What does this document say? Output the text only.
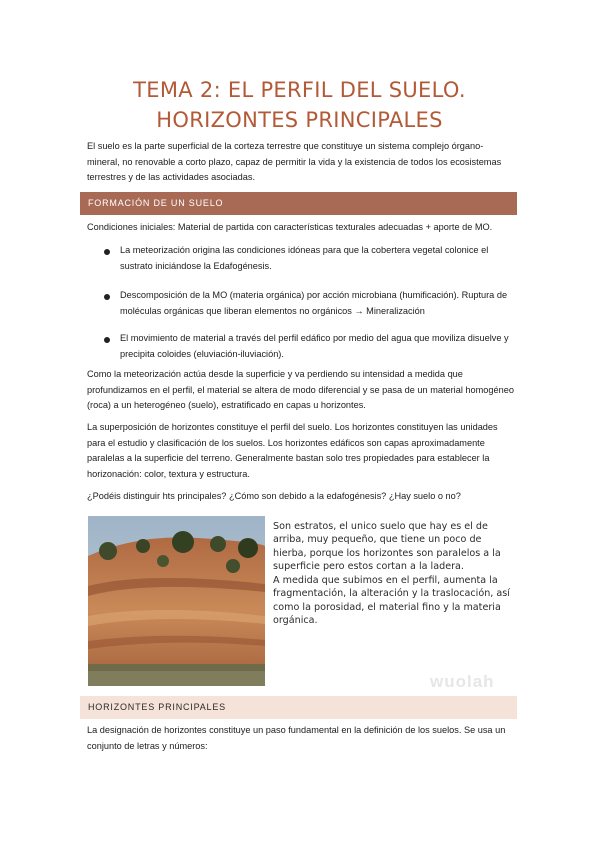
TEMA 2: EL PERFIL DEL SUELO.
HORIZONTES PRINCIPALES
El suelo es la parte superficial de la corteza terrestre que constituye un sistema complejo órgano-mineral, no renovable a corto plazo, capaz de permitir la vida y la existencia de todos los ecosistemas terrestres y de las actividades asociadas.
FORMACIÓN DE UN SUELO
Condiciones iniciales: Material de partida con características texturales adecuadas + aporte de MO.
La meteorización origina las condiciones idóneas para que la cobertera vegetal colonice el sustrato iniciándose la Edafogénesis.
Descomposición de la MO (materia orgánica) por acción microbiana (humificación). Ruptura de moléculas orgánicas que liberan elementos no orgánicos → Mineralización
El movimiento de material a través del perfil edáfico por medio del agua que moviliza disuelve y precipita coloides (eluviación-iluviación).
Como la meteorización actúa desde la superficie y va perdiendo su intensidad a medida que profundizamos en el perfil, el material se altera de modo diferencial y se pasa de un material homogéneo (roca) a un heterogéneo (suelo), estratificado en capas u horizontes.
La superposición de horizontes constituye el perfil del suelo. Los horizontes constituyen las unidades para el estudio y clasificación de los suelos. Los horizontes edáficos son capas aproximadamente paralelas a la superficie del terreno. Generalmente bastan solo tres propiedades para establecer la horizonación: color, textura y estructura.
¿Podéis distinguir hts principales? ¿Cómo son debido a la edafogénesis? ¿Hay suelo o no?
Son estratos, el unico suelo que hay es el de arriba, muy pequeño, que tiene un poco de hierba, porque los horizontes son paralelos a la superficie pero estos cortan a la ladera.
A medida que subimos en el perfil, aumenta la fragmentación, la alteración y la traslocación, así como la porosidad, el material fino y la materia orgánica.
wuolah
HORIZONTES PRINCIPALES
La designación de horizontes constituye un paso fundamental en la definición de los suelos. Se usa un conjunto de letras y números:
